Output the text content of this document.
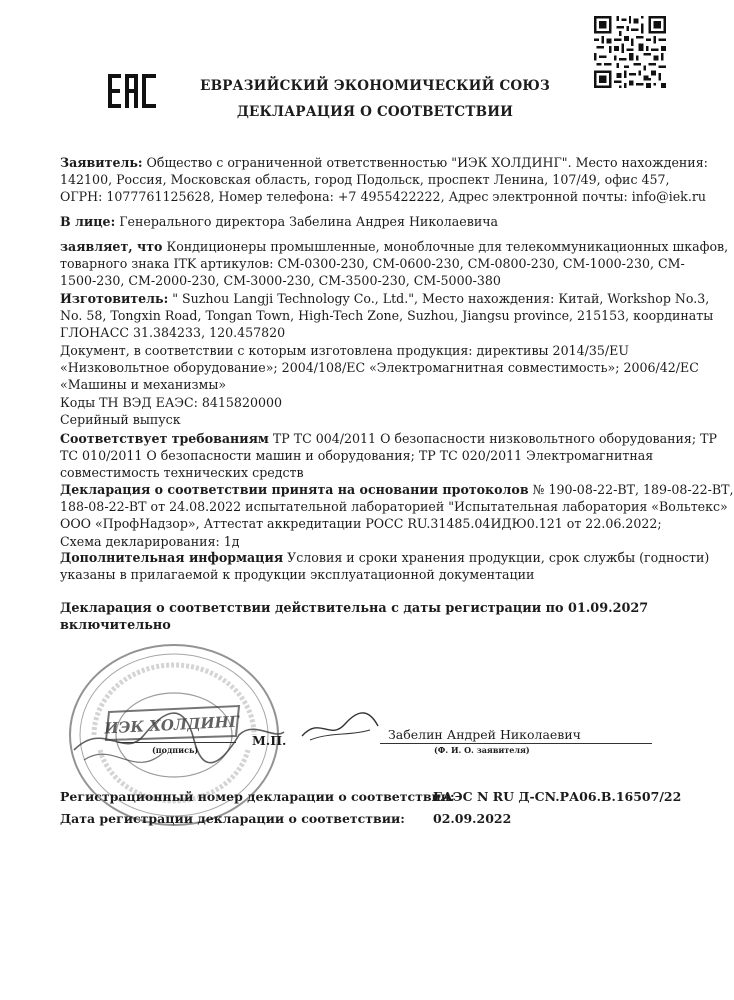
ЕВРАЗИЙСКИЙ ЭКОНОМИЧЕСКИЙ СОЮЗ
ДЕКЛАРАЦИЯ О СООТВЕТСТВИИ
Заявитель: Общество с ограниченной ответственностью "ИЭК ХОЛДИНГ". Место нахождения:
142100, Россия, Московская область, город Подольск, проспект Ленина, 107/49, офис 457,
ОГРН: 1077761125628, Номер телефона: +7 4955422222, Адрес электронной почты: info@iek.ru
В лице: Генерального директора Забелина Андрея Николаевича
заявляет, что Кондиционеры промышленные, моноблочные для телекоммуникационных шкафов,
товарного знака ITK артикулов: CM-0300-230, CM-0600-230, CM-0800-230, CM-1000-230, CM-
1500-230, CM-2000-230, CM-3000-230, CM-3500-230, CM-5000-380
Изготовитель: " Suzhou Langji Technology Co., Ltd.", Место нахождения: Китай, Workshop No.3,
No. 58, Tongxin Road, Tongan Town, High-Tech Zone, Suzhou, Jiangsu province, 215153, координаты
ГЛОНАСС 31.384233, 120.457820
Документ, в соответствии с которым изготовлена продукция: директивы 2014/35/EU
«Низковольтное оборудование»; 2004/108/EC «Электромагнитная совместимость»; 2006/42/EC
«Машины и механизмы»
Коды ТН ВЭД ЕАЭС: 8415820000
Серийный выпуск
Соответствует требованиям ТР ТС 004/2011 О безопасности низковольтного оборудования; ТР
ТС 010/2011 О безопасности машин и оборудования; ТР ТС 020/2011 Электромагнитная
совместимость технических средств
Декларация о соответствии принята на основании протоколов № 190-08-22-ВТ, 189-08-22-ВТ,
188-08-22-ВТ от 24.08.2022 испытательной лабораторией "Испытательная лаборатория «Вольтекс»
ООО «ПрофНадзор», Аттестат аккредитации РОСС RU.31485.04ИДЮ0.121 от 22.06.2022;
Схема декларирования: 1д
Дополнительная информация Условия и сроки хранения продукции, срок службы (годности)
указаны в прилагаемой к продукции эксплуатационной документации
Декларация о соответствии действительна с даты регистрации по 01.09.2027 включительно
ИЭК ХОЛДИНГ
(подпись)
М.П.	Забелин Андрей Николаевич
(Ф. И. О. заявителя)
Регистрационный номер декларации о соответствии:
ЕАЭС N RU Д-CN.РА06.В.16507/22
Дата регистрации декларации о соответствии: 02.09.2022
